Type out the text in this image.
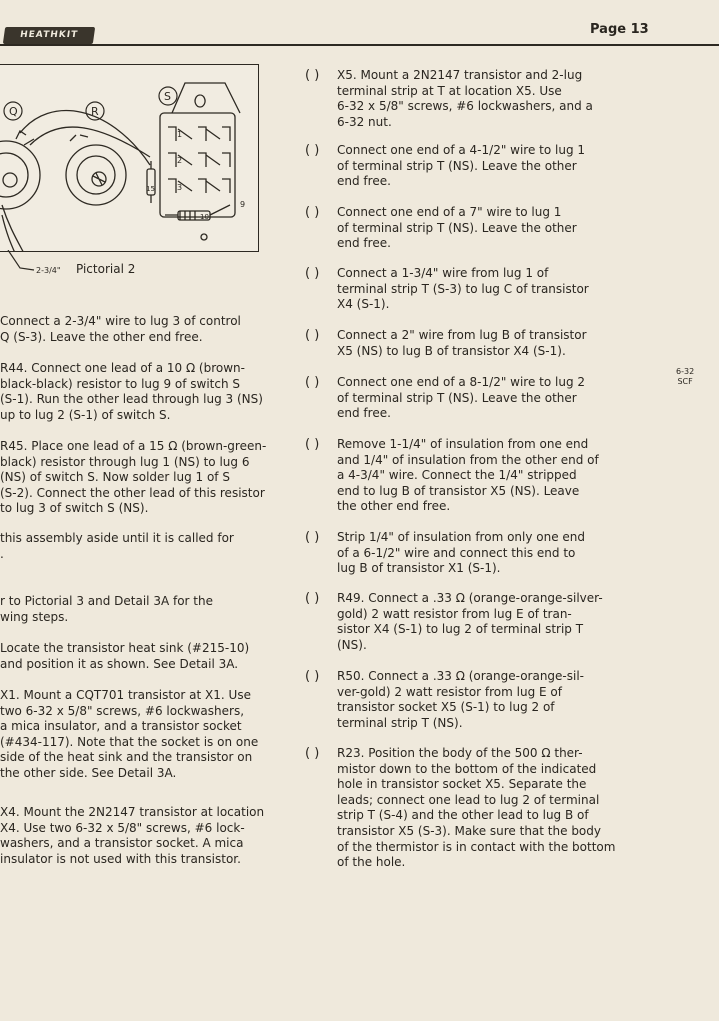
HEATHKIT	Page 13
Q	R
S
3
2
1
9
10
15
2-3/4" Pictorial 2
Connect a 2-3/4" wire to lug 3 of control
Q (S-3). Leave the other end free.
R44. Connect one lead of a 10 Ω (brown-
black-black) resistor to lug 9 of switch S
(S-1). Run the other lead through lug 3 (NS)
up to lug 2 (S-1) of switch S.
R45. Place one lead of a 15 Ω (brown-green-
black) resistor through lug 1 (NS) to lug 6
(NS) of switch S. Now solder lug 1 of S
(S-2). Connect the other lead of this resistor
to lug 3 of switch S (NS).
this assembly aside until it is called for
.
r to Pictorial 3 and Detail 3A for the
wing steps.
Locate the transistor heat sink (#215-10)
and position it as shown. See Detail 3A.
X1. Mount a CQT701 transistor at X1. Use
two 6-32 x 5/8" screws, #6 lockwashers,
a mica insulator, and a transistor socket
(#434-117). Note that the socket is on one
side of the heat sink and the transistor on
the other side. See Detail 3A.
X4. Mount the 2N2147 transistor at location
X4. Use two 6-32 x 5/8" screws, #6 lock-
washers, and a transistor socket. A mica
insulator is not used with this transistor.
( ) X5. Mount a 2N2147 transistor and 2-lug
terminal strip at T at location X5. Use
6-32 x 5/8" screws, #6 lockwashers, and a
6-32 nut.
( ) Connect one end of a 4-1/2" wire to lug 1
of terminal strip T (NS). Leave the other
end free.
( ) Connect one end of a 7" wire to lug 1
of terminal strip T (NS). Leave the other
end free.
( ) Connect a 1-3/4" wire from lug 1 of
terminal strip T (S-3) to lug C of transistor
X4 (S-1).
( ) Connect a 2" wire from lug B of transistor
X5 (NS) to lug B of transistor X4 (S-1).
( ) Connect one end of a 8-1/2" wire to lug 2
of terminal strip T (NS). Leave the other
end free.
( ) Remove 1-1/4" of insulation from one end
and 1/4" of insulation from the other end of
a 4-3/4" wire. Connect the 1/4" stripped
end to lug B of transistor X5 (NS). Leave
the other end free.
( ) Strip 1/4" of insulation from only one end
of a 6-1/2" wire and connect this end to
lug B of transistor X1 (S-1).
( ) R49. Connect a .33 Ω (orange-orange-silver-
gold) 2 watt resistor from lug E of tran-
sistor X4 (S-1) to lug 2 of terminal strip T
(NS).
( ) R50. Connect a .33 Ω (orange-orange-sil-
ver-gold) 2 watt resistor from lug E of
transistor socket X5 (S-1) to lug 2 of
terminal strip T (NS).
( ) R23. Position the body of the 500 Ω ther-
mistor down to the bottom of the indicated
hole in transistor socket X5. Separate the
leads; connect one lead to lug 2 of terminal
strip T (S-4) and the other lead to lug B of
transistor X5 (S-3). Make sure that the body
of the thermistor is in contact with the bottom
of the hole.
6-32
SCF
